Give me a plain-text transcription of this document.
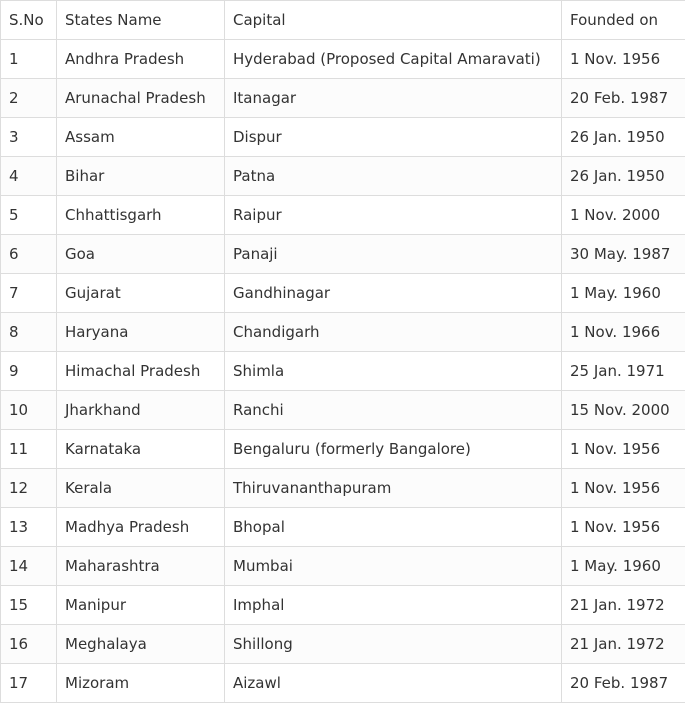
S.No	States Name	Capital	Founded on
1	Andhra Pradesh	Hyderabad (Proposed Capital Amaravati)	1 Nov. 1956
2	Arunachal Pradesh	Itanagar	20 Feb. 1987
3	Assam	Dispur	26 Jan. 1950
4	Bihar	Patna	26 Jan. 1950
5	Chhattisgarh	Raipur	1 Nov. 2000
6	Goa	Panaji	30 May. 1987
7	Gujarat	Gandhinagar	1 May. 1960
8	Haryana	Chandigarh	1 Nov. 1966
9	Himachal Pradesh	Shimla	25 Jan. 1971
10	Jharkhand	Ranchi	15 Nov. 2000
11	Karnataka	Bengaluru (formerly Bangalore)	1 Nov. 1956
12	Kerala	Thiruvananthapuram	1 Nov. 1956
13	Madhya Pradesh	Bhopal	1 Nov. 1956
14	Maharashtra	Mumbai	1 May. 1960
15	Manipur	Imphal	21 Jan. 1972
16	Meghalaya	Shillong	21 Jan. 1972
17	Mizoram	Aizawl	20 Feb. 1987
